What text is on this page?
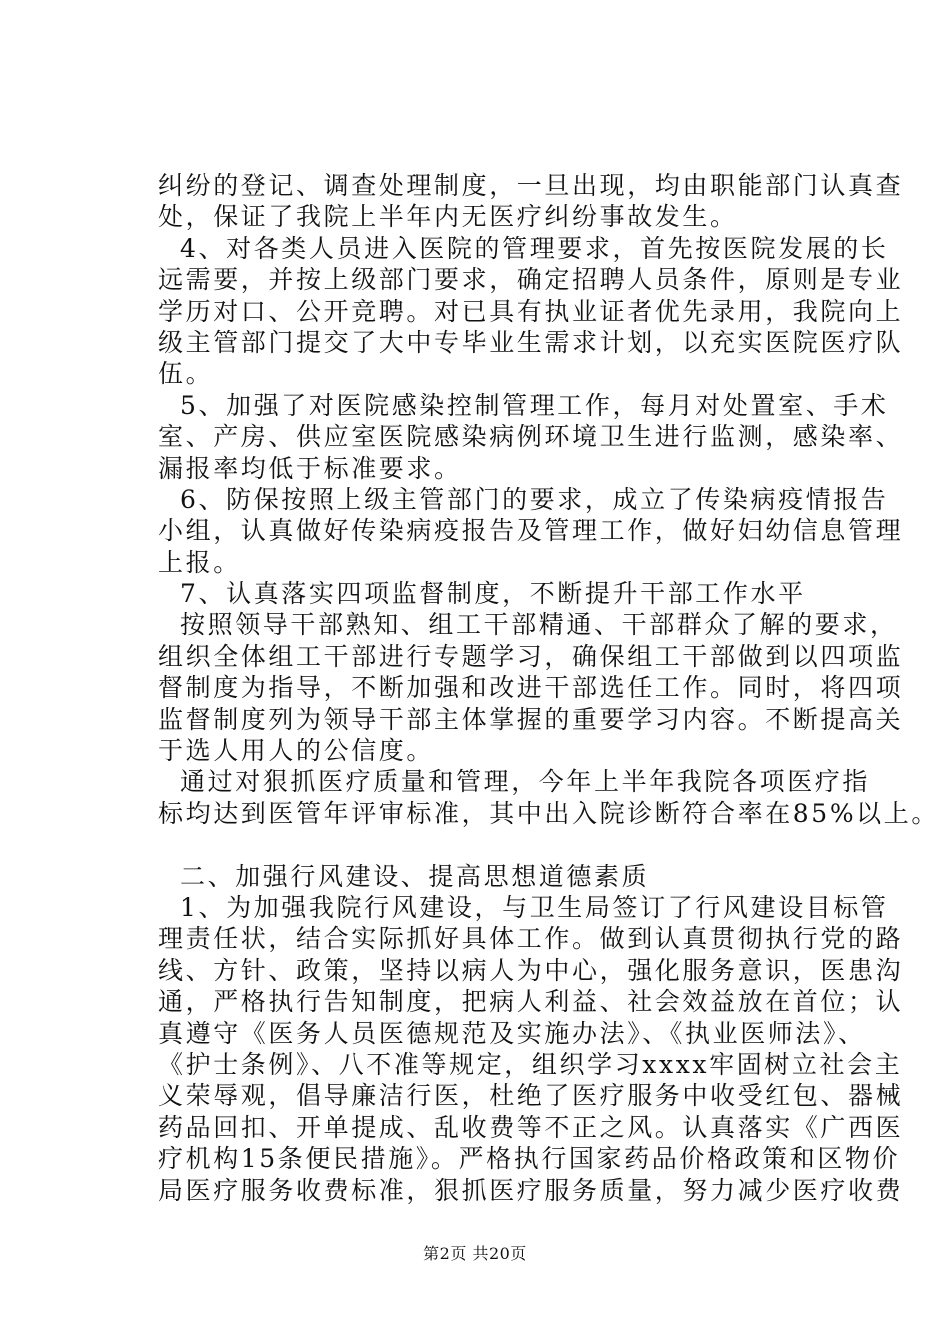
纠纷的登记、调查处理制度，一旦出现，均由职能部门认真查
处，保证了我院上半年内无医疗纠纷事故发生。
4、对各类人员进入医院的管理要求，首先按医院发展的长
远需要，并按上级部门要求，确定招聘人员条件，原则是专业
学历对口、公开竞聘。对已具有执业证者优先录用，我院向上
级主管部门提交了大中专毕业生需求计划，以充实医院医疗队
伍。
5、加强了对医院感染控制管理工作，每月对处置室、手术
室、产房、供应室医院感染病例环境卫生进行监测，感染率、
漏报率均低于标准要求。
6、防保按照上级主管部门的要求，成立了传染病疫情报告
小组，认真做好传染病疫报告及管理工作，做好妇幼信息管理
上报。
7、认真落实四项监督制度，不断提升干部工作水平
按照领导干部熟知、组工干部精通、干部群众了解的要求，
组织全体组工干部进行专题学习，确保组工干部做到以四项监
督制度为指导，不断加强和改进干部选任工作。同时，将四项
监督制度列为领导干部主体掌握的重要学习内容。不断提高关
于选人用人的公信度。
通过对狠抓医疗质量和管理，今年上半年我院各项医疗指
标均达到医管年评审标准，其中出入院诊断符合率在85%以上。
二、加强行风建设、提高思想道德素质
1、为加强我院行风建设，与卫生局签订了行风建设目标管
理责任状，结合实际抓好具体工作。做到认真贯彻执行党的路
线、方针、政策，坚持以病人为中心，强化服务意识，医患沟
通，严格执行告知制度，把病人利益、社会效益放在首位；认
真遵守《医务人员医德规范及实施办法》、《执业医师法》、
《护士条例》、八不准等规定，组织学习xxxx牢固树立社会主
义荣辱观，倡导廉洁行医，杜绝了医疗服务中收受红包、器械
药品回扣、开单提成、乱收费等不正之风。认真落实《广西医
疗机构15条便民措施》。严格执行国家药品价格政策和区物价
局医疗服务收费标准，狠抓医疗服务质量，努力减少医疗收费
第2页 共20页
